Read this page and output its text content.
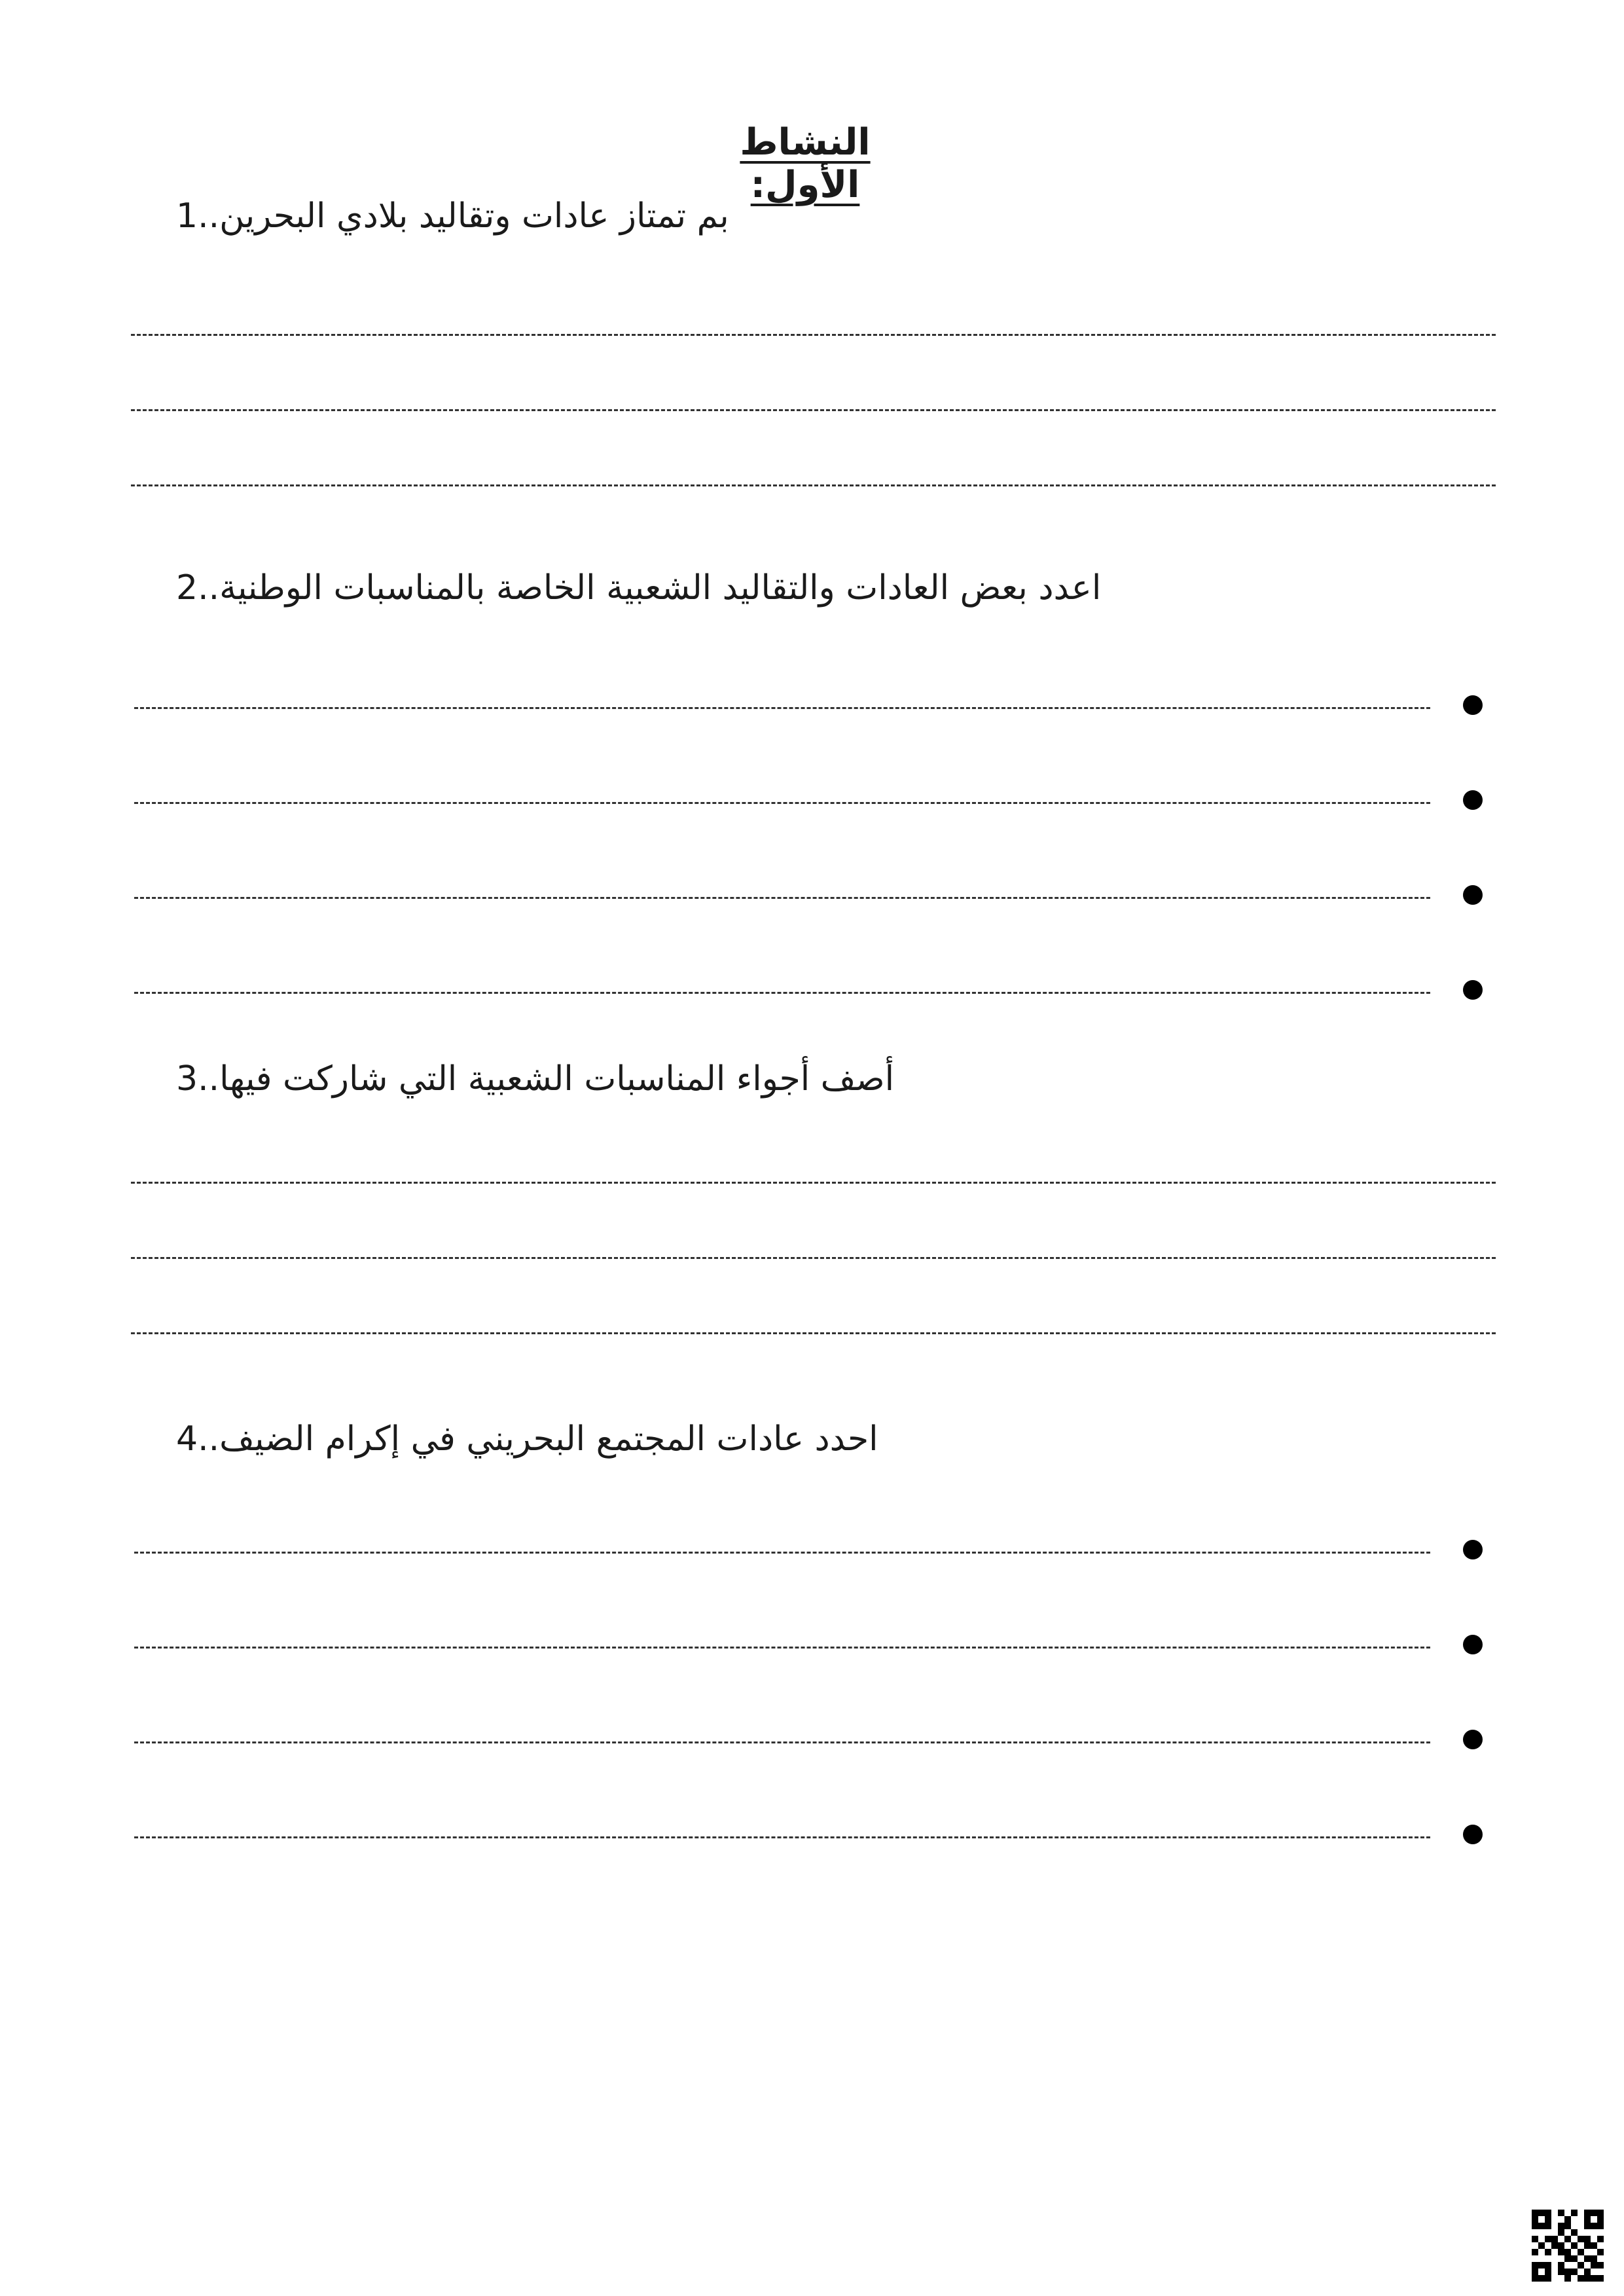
النشاط الأول:
1. بم تمتاز عادات وتقاليد بلادي البحرين.
2. اعدد بعض العادات والتقاليد الشعبية الخاصة بالمناسبات الوطنية.
3. أصف أجواء المناسبات الشعبية التي شاركت فيها.
4. احدد عادات المجتمع البحريني في إكرام الضيف.
